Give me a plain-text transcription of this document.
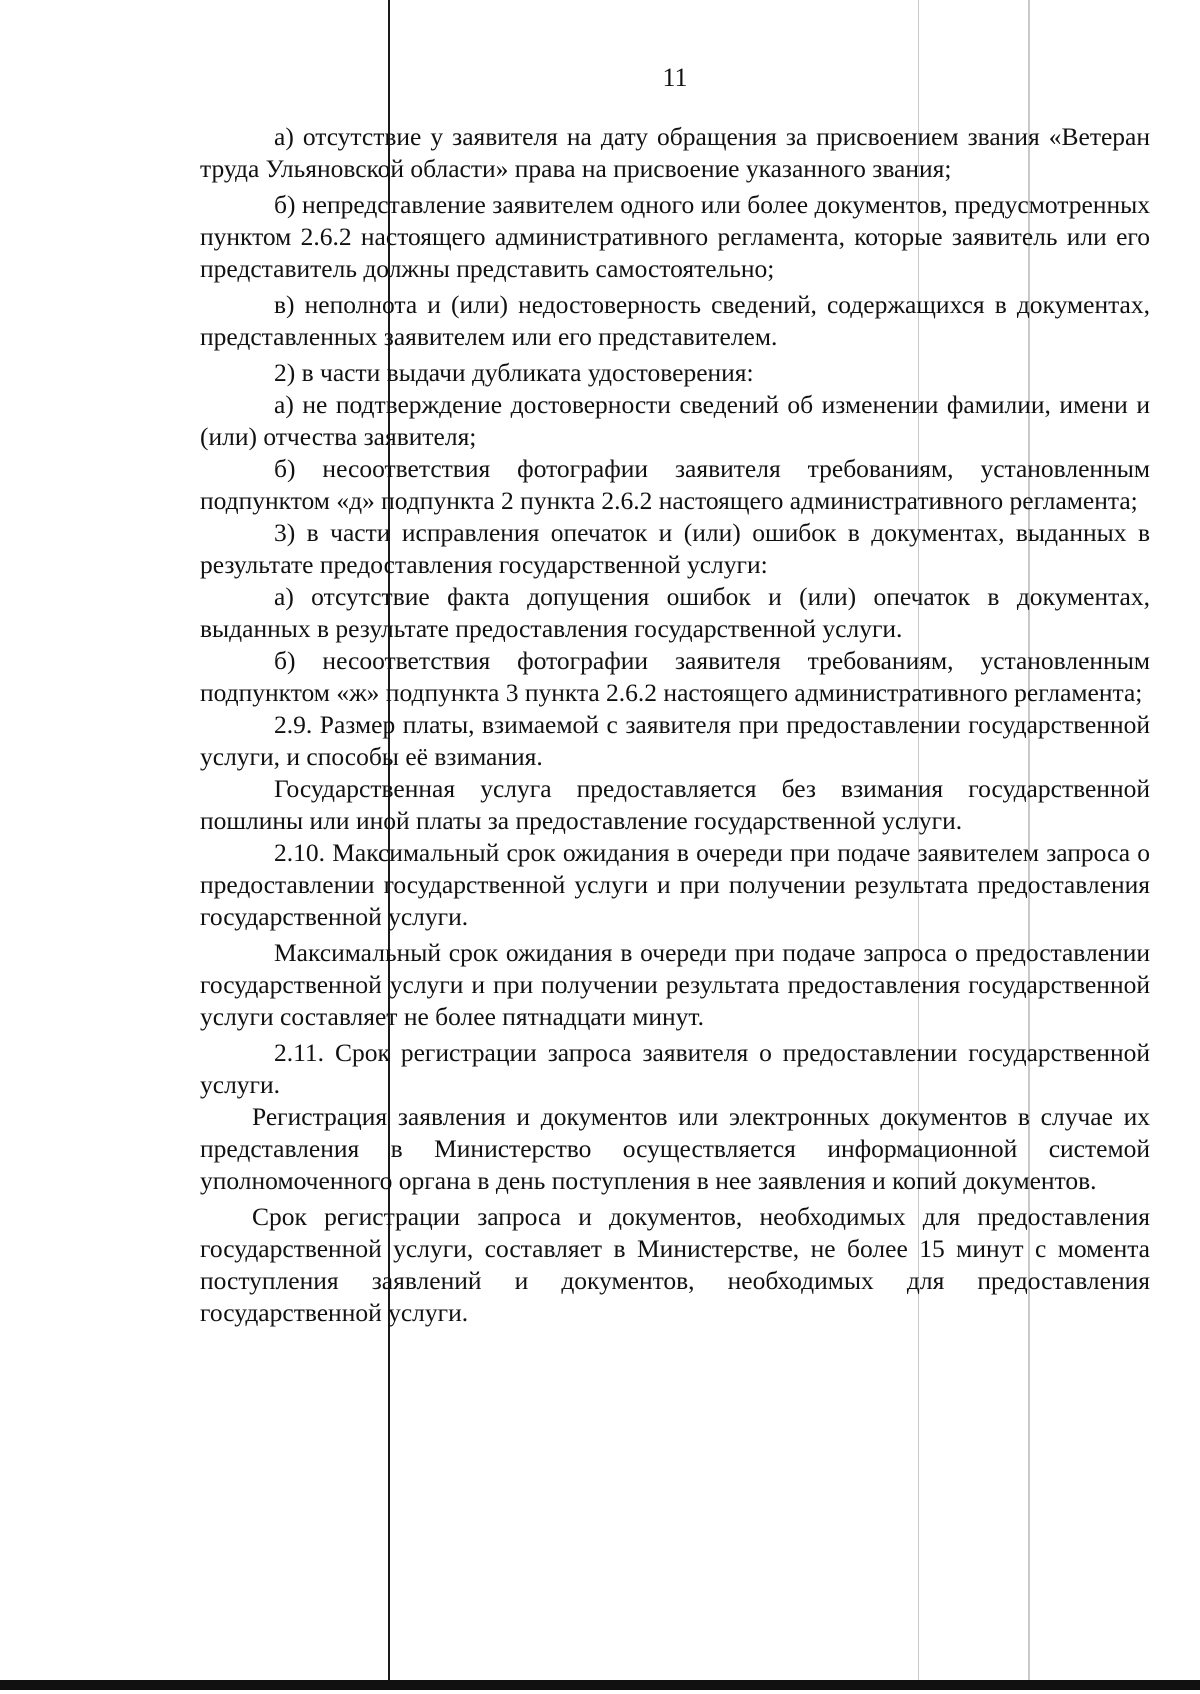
11

а) отсутствие у заявителя на дату обращения за присвоением звания «Ветеран труда Ульяновской области» права на присвоение указанного звания;

б) непредставление заявителем одного или более документов, предусмотренных пунктом 2.6.2 настоящего административного регламента, которые заявитель или его представитель должны представить самостоятельно;

в) неполнота и (или) недостоверность сведений, содержащихся в документах, представленных заявителем или его представителем.

2) в части выдачи дубликата удостоверения:

а) не подтверждение достоверности сведений об изменении фамилии, имени и (или) отчества заявителя;

б) несоответствия фотографии заявителя требованиям, установленным подпунктом «д» подпункта 2 пункта 2.6.2 настоящего административного регламента;

3) в части исправления опечаток и (или) ошибок в документах, выданных в результате предоставления государственной услуги:

а) отсутствие факта допущения ошибок и (или) опечаток в документах, выданных в результате предоставления государственной услуги.

б) несоответствия фотографии заявителя требованиям, установленным подпунктом «ж» подпункта 3 пункта 2.6.2 настоящего административного регламента;

2.9. Размер платы, взимаемой с заявителя при предоставлении государственной услуги, и способы её взимания.

Государственная услуга предоставляется без взимания государственной пошлины или иной платы за предоставление государственной услуги.

2.10. Максимальный срок ожидания в очереди при подаче заявителем запроса о предоставлении государственной услуги и при получении результата предоставления государственной услуги.

Максимальный срок ожидания в очереди при подаче запроса о предоставлении государственной услуги и при получении результата предоставления государственной услуги составляет не более пятнадцати минут.

2.11. Срок регистрации запроса заявителя о предоставлении государственной услуги.

Регистрация заявления и документов или электронных документов в случае их представления в Министерство осуществляется информационной системой уполномоченного органа в день поступления в нее заявления и копий документов.

Срок регистрации запроса и документов, необходимых для предоставления государственной услуги, составляет в Министерстве, не более 15 минут с момента поступления заявлений и документов, необходимых для предоставления государственной услуги.
